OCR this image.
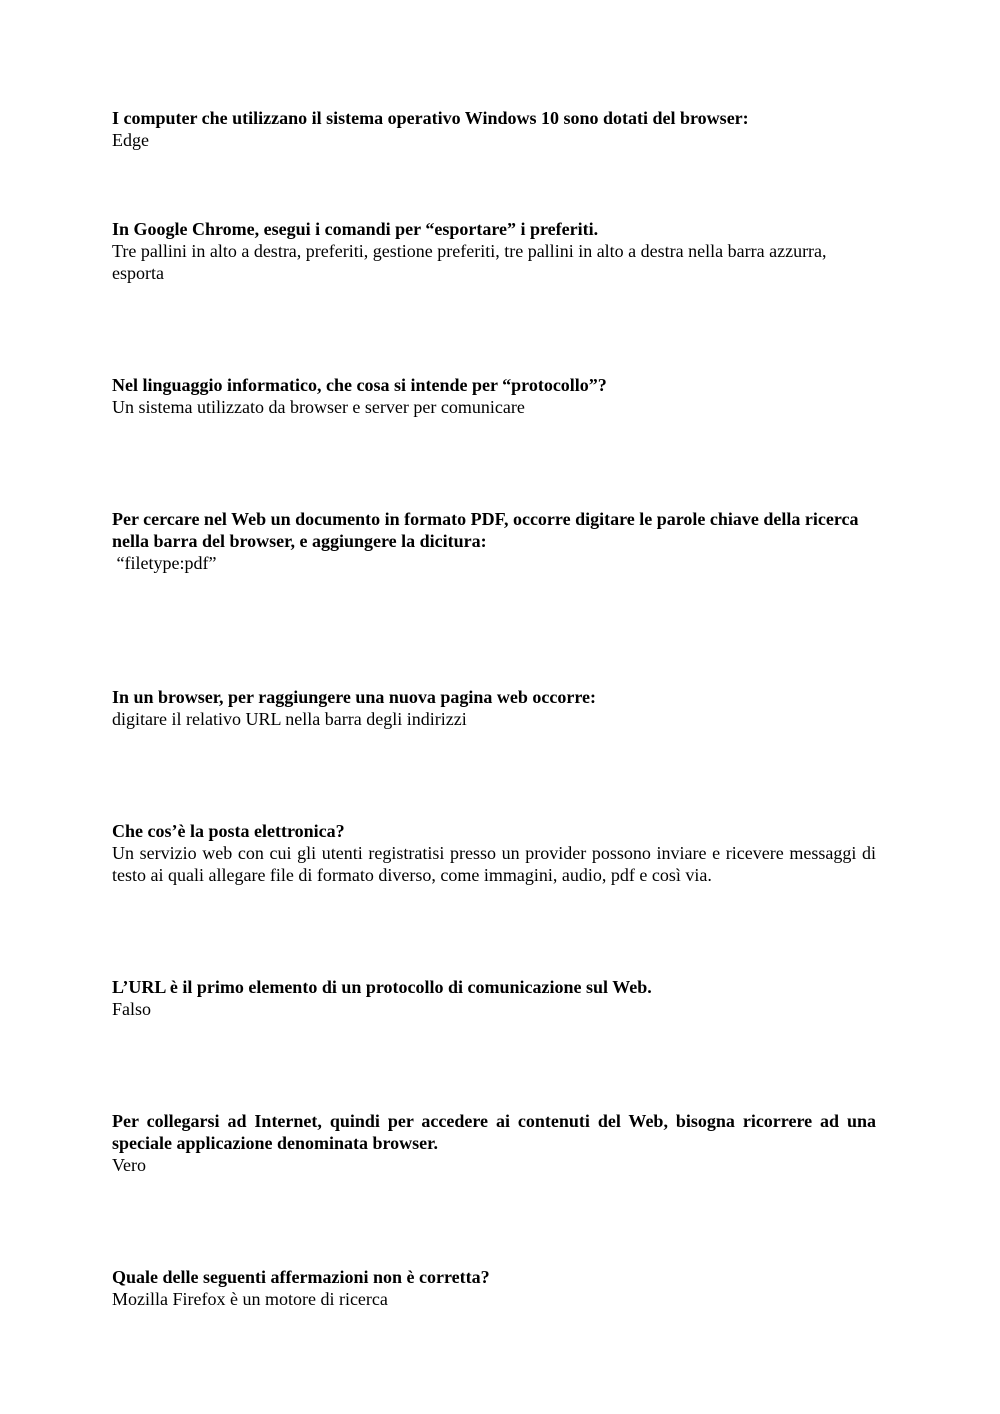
I computer che utilizzano il sistema operativo Windows 10 sono dotati del browser:

Edge

In Google Chrome, esegui i comandi per “esportare” i preferiti.

Tre pallini in alto a destra, preferiti, gestione preferiti, tre pallini in alto a destra nella barra azzurra, esporta

Nel linguaggio informatico, che cosa si intende per “protocollo”?

Un sistema utilizzato da browser e server per comunicare

Per cercare nel Web un documento in formato PDF, occorre digitare le parole chiave della ricerca nella barra del browser, e aggiungere la dicitura:

“filetype:pdf”

In un browser, per raggiungere una nuova pagina web occorre:

digitare il relativo URL nella barra degli indirizzi

Che cos’è la posta elettronica?

Un servizio web con cui gli utenti registratisi presso un provider possono inviare e ricevere messaggi di testo ai quali allegare file di formato diverso, come immagini, audio, pdf e così via.

L’URL è il primo elemento di un protocollo di comunicazione sul Web.

Falso

Per collegarsi ad Internet, quindi per accedere ai contenuti del Web, bisogna ricorrere ad una speciale applicazione denominata browser.

Vero

Quale delle seguenti affermazioni non è corretta?

Mozilla Firefox è un motore di ricerca
